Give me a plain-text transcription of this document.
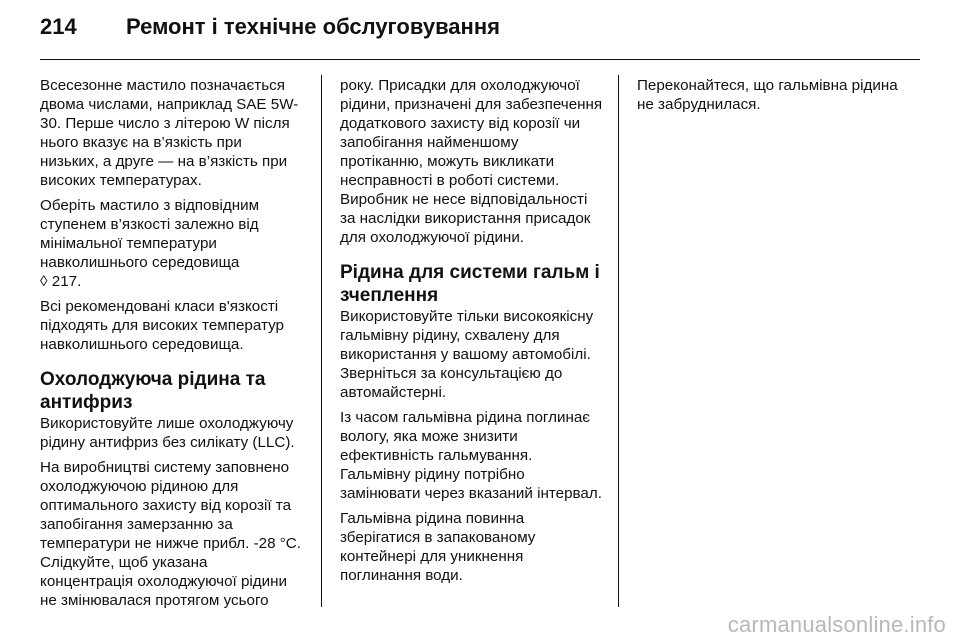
214	Ремонт і технічне обслуговування

Всесезонне мастило позначається двома числами, наприклад SAE 5W-30. Перше число з літерою W після нього вказує на в’язкість при низьких, а друге — на в’язкість при високих температурах.

Оберіть мастило з відповідним ступенем в’язкості залежно від мінімальної температури навколишнього середовища
◊ 217.

Всі рекомендовані класи в'язкості підходять для високих температур навколишнього середовища.

Охолоджуюча рідина та антифриз

Використовуйте лише охолоджуючу рідину антифриз без силікату (LLC).

На виробництві систему заповнено охолоджуючою рідиною для оптимального захисту від корозії та запобігання замерзанню за температури не нижче прибл. -28 °C. Слідкуйте, щоб указана концентрація охолоджуючої рідини не змінювалася протягом усього

року. Присадки для охолоджуючої рідини, призначені для забезпечення додаткового захисту від корозії чи запобігання найменшому протіканню, можуть викликати несправності в роботі системи. Виробник не несе відповідальності за наслідки використання присадок для охолоджуючої рідини.

Рідина для системи гальм і зчеплення

Використовуйте тільки високоякісну гальмівну рідину, схвалену для використання у вашому автомобілі. Зверніться за консультацією до автомайстерні.

Із часом гальмівна рідина поглинає вологу, яка може знизити ефективність гальмування. Гальмівну рідину потрібно замінювати через вказаний інтервал.

Гальмівна рідина повинна зберігатися в запакованому контейнері для уникнення поглинання води.

Переконайтеся, що гальмівна рідина не забруднилася.

carmanualsonline.info
